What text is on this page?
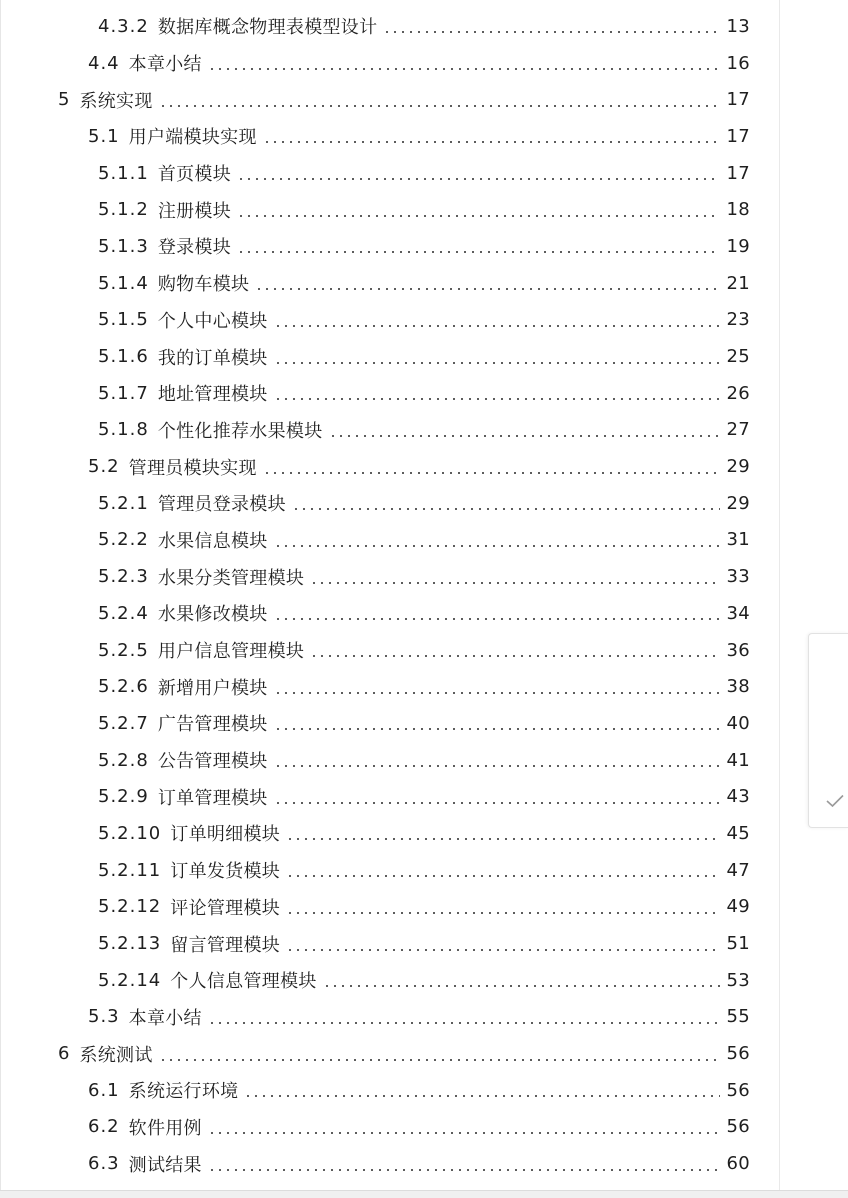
4.3.2 数据库概念物理表模型设计	13
4.4 本章小结	16
5 系统实现	17
5.1 用户端模块实现	17
5.1.1 首页模块	17
5.1.2 注册模块	18
5.1.3 登录模块	19
5.1.4 购物车模块	21
5.1.5 个人中心模块	23
5.1.6 我的订单模块	25
5.1.7 地址管理模块	26
5.1.8 个性化推荐水果模块	27
5.2 管理员模块实现	29
5.2.1 管理员登录模块	29
5.2.2 水果信息模块	31
5.2.3 水果分类管理模块	33
5.2.4 水果修改模块	34
5.2.5 用户信息管理模块	36
5.2.6 新增用户模块	38
5.2.7 广告管理模块	40
5.2.8 公告管理模块	41
5.2.9 订单管理模块	43
5.2.10 订单明细模块	45
5.2.11 订单发货模块	47
5.2.12 评论管理模块	49
5.2.13 留言管理模块	51
5.2.14 个人信息管理模块	53
5.3 本章小结	55
6 系统测试	56
6.1 系统运行环境	56
6.2 软件用例	56
6.3 测试结果	60
